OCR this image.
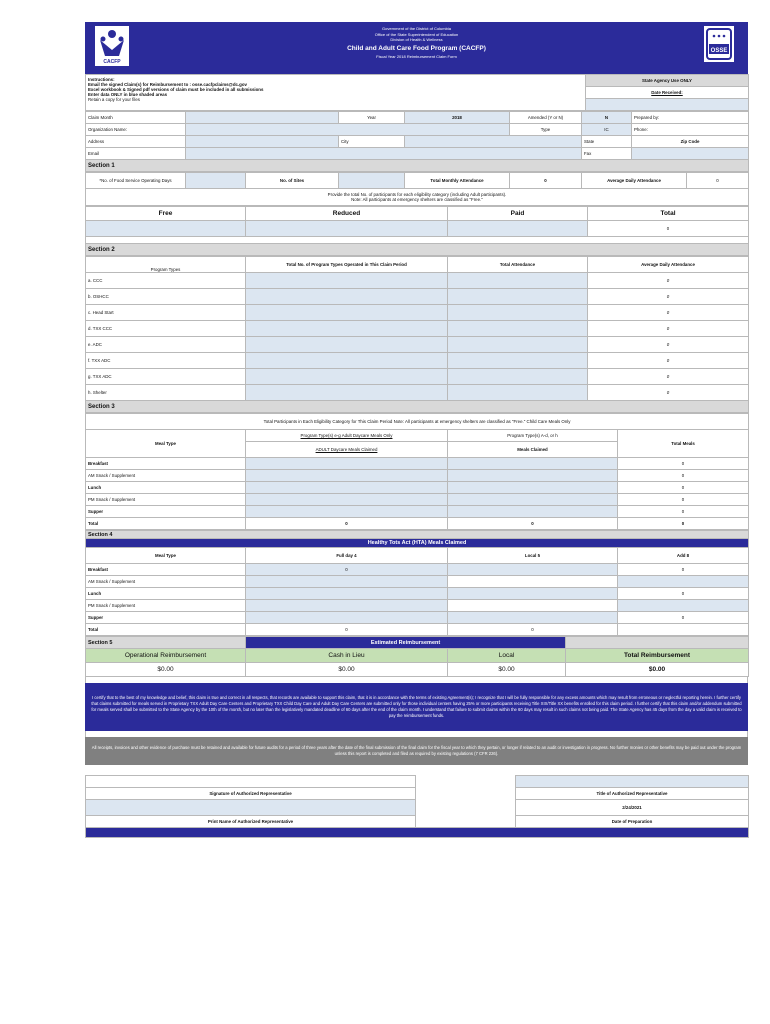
CACFP
Government of the District of Columbia
Office of the State Superintendent of Education
Division of Health & Wellness
Child and Adult Care Food Program (CACFP)
Fiscal Year 2018 Reimbursement Claim Form
OSSE
Instructions:
Email the signed Claim(s) for Reimbursement to : osse.cacfpclaims@dc.gov
Excel workbook & Signed pdf versions of claim must be included in all submissions
Enter data ONLY in blue shaded areas
Retain a copy for your files
	State Agency Use ONLY
Date Received:

Claim Month		Year	2018	Amended (Y or N)	N	Prepared by:
Organization Name:				Type	IC	Phone:
Address		City			State	Zip Code
Email					Fax	
Section 1						
*No. of Food Service Operating Days		No. of Sites		Total Monthly Attendance	0	Average Daily Attendance	0

Provide the total No. of participants for each eligibility category (including Adult participants).
Note: All participants at emergency shelters are classified as "Free."
Free	Reduced	Paid	Total
			0

Section 2			
Program Types	Total No. of Program Types Operated in This Claim Period	Total Attendance	Average Daily Attendance
a. CCC			0
b. OSHCC			0
c. Head Start			0
d. TXX CCC			0
e. ADC			0
f. TXX ADC			0
g. TXX ADC			0
h. Shelter			0
Section 3			
Total Participants in Each Eligibility Category for This Claim Period Note: All participants at emergency shelters are classified as "Free." Child Care Meals Only			
Meal Type	Program Type(s) e-g Adult Daycare Meals Only	Program Type(s) A-d, or h	Total Meals
	ADULT Daycare Meals Claimed	Meals Claimed	
Breakfast			0
AM Snack / Supplement			0
Lunch			0
PM Snack / Supplement			0
Supper			0
Total	0	0	0
Section 4			
Healthy Tots Act (HTA) Meals Claimed			
Meal Type	Full day 4	Local 5	Add 8
Breakfast	0		0
AM Snack / Supplement			
Lunch			0
PM Snack / Supplement			
Supper			0
Total	0	0	
Section 5	Estimated Reimbursement		
Operational Reimbursement	Cash in Lieu	Local	Total Reimbursement
$0.00	$0.00	$0.00	$0.00
I certify that to the best of my knowledge and belief, this claim is true and correct in all respects, that records are available to support this claim, that it is in accordance with the terms of existing Agreement(s); I recognize that I will be fully responsible for any excess amounts which may result from erroneous or neglectful reporting herein. I further certify that claims submitted for meals served in Proprietary TXX Adult Day Care Centers and Proprietary TXX Child Day Care and Adult Day Care Centers are submitted only for those individual centers having 25% or more participants receiving Title XIX/Title XX benefits enrolled for this claim period. I further certify that this claim and/or addendum submitted for meals served shall be submitted to the State Agency by the 10th of the month, but no later than the legislatively mandated deadline of 60 days after the end of the claim month. I understand that failure to submit claims within the 60 days may result in such claims not being paid. The State Agency has 45 days from the day a valid claim is received to pay the reimbursement funds.
All receipts, invoices and other evidence of purchase must be retained and available for future audits for a period of three years after the date of the final submission of the final claim for the fiscal year to which they pertain, or longer if related to an audit or investigation in progress. No further monies or other benefits may be paid out under the program unless this report is completed and filed as required by existing regulations (7 CFR 226).

Signature of Authorized Representative		Title of Authorized Representative
		2/24/2021
Print Name of Authorized Representative		Date of Preparation
